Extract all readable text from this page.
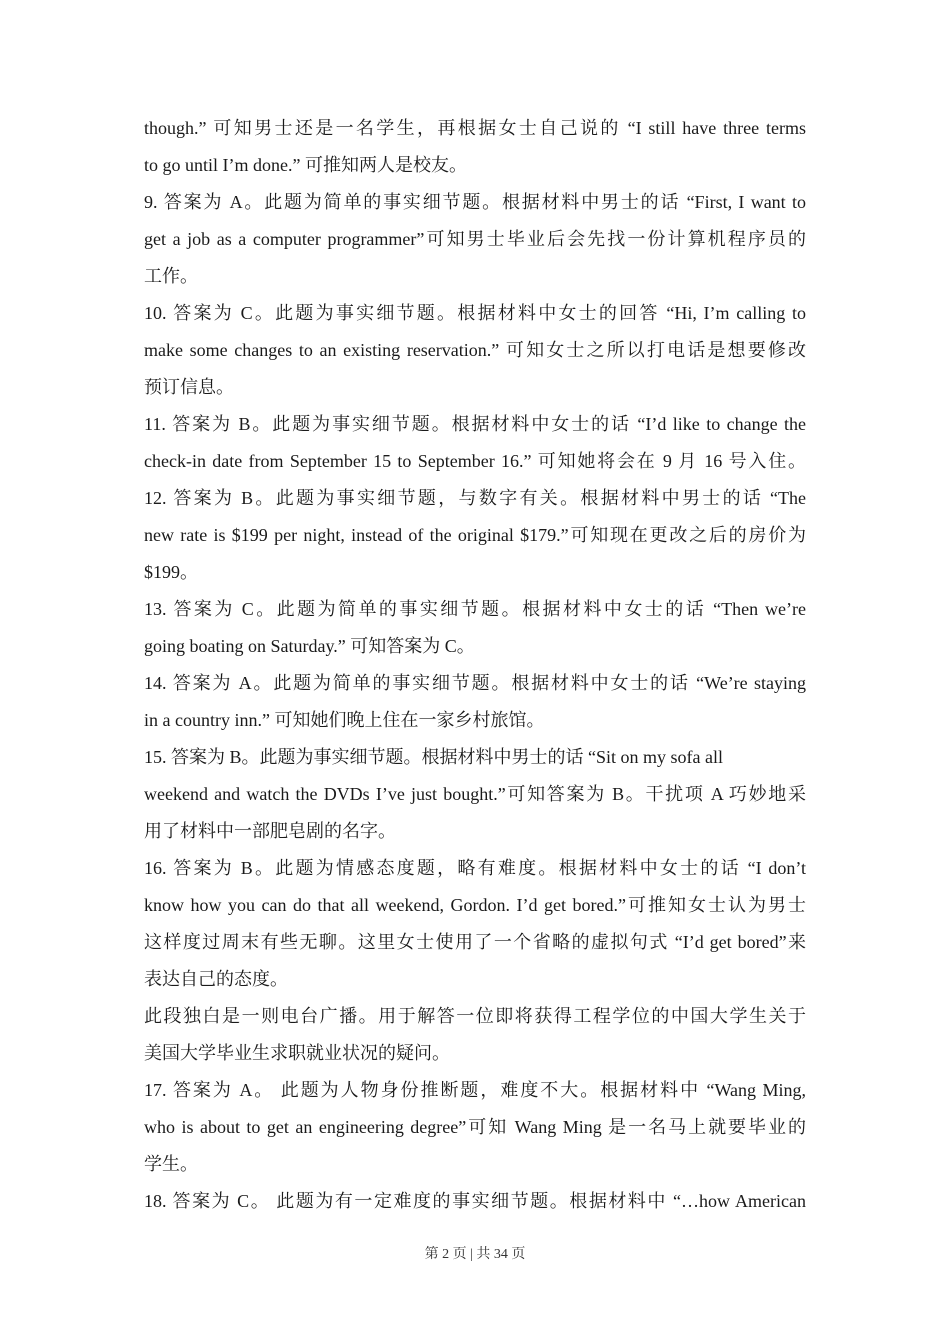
though.” 可知男士还是一名学生，再根据女士自己说的 “I still have three terms
to go until I’m done.” 可推知两人是校友。
9. 答案为 A。此题为简单的事实细节题。根据材料中男士的话 “First, I want to
get a job as a computer programmer”可知男士毕业后会先找一份计算机程序员的
工作。
10. 答案为 C。此题为事实细节题。根据材料中女士的回答 “Hi, I’m calling to
make some changes to an existing reservation.” 可知女士之所以打电话是想要修改
预订信息。
11. 答案为 B。此题为事实细节题。根据材料中女士的话 “I’d like to change the
check-in date from September 15 to September 16.” 可知她将会在 9 月 16 号入住。
12. 答案为 B。此题为事实细节题，与数字有关。根据材料中男士的话 “The
new rate is $199 per night, instead of the original $179.”可知现在更改之后的房价为
$199。
13. 答案为 C。此题为简单的事实细节题。根据材料中女士的话 “Then we’re
going boating on Saturday.” 可知答案为 C。
14. 答案为 A。此题为简单的事实细节题。根据材料中女士的话 “We’re staying
in a country inn.” 可知她们晚上住在一家乡村旅馆。
15. 答案为 B。此题为事实细节题。根据材料中男士的话 “Sit on my sofa all
weekend and watch the DVDs I’ve just bought.”可知答案为 B。干扰项 A 巧妙地采
用了材料中一部肥皂剧的名字。
16. 答案为 B。此题为情感态度题，略有难度。根据材料中女士的话 “I don’t
know how you can do that all weekend, Gordon. I’d get bored.”可推知女士认为男士
这样度过周末有些无聊。这里女士使用了一个省略的虚拟句式 “I’d get bored”来
表达自己的态度。
此段独白是一则电台广播。用于解答一位即将获得工程学位的中国大学生关于
美国大学毕业生求职就业状况的疑问。
17. 答案为 A。 此题为人物身份推断题，难度不大。根据材料中 “Wang Ming,
who is about to get an engineering degree”可知 Wang Ming 是一名马上就要毕业的
学生。
18. 答案为 C。 此题为有一定难度的事实细节题。根据材料中 “…how American
第 2 页 | 共 34 页
